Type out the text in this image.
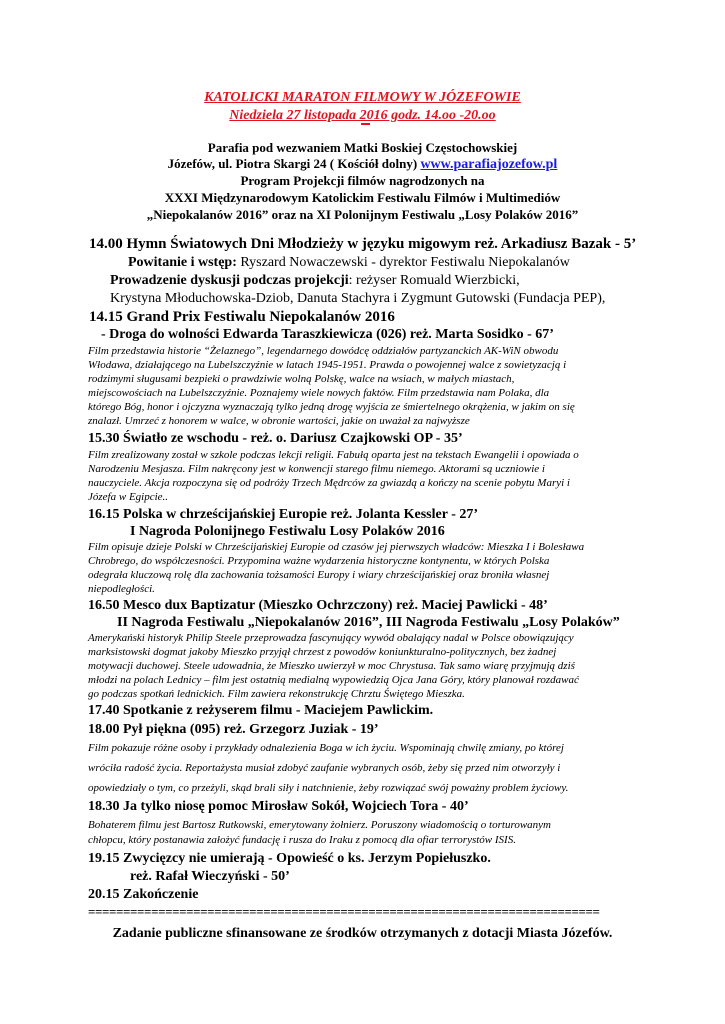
KATOLICKI MARATON FILMOWY W JÓZEFOWIE
Niedziela 27 listopada 2016 godz. 14.oo -20.oo
Parafia pod wezwaniem Matki Boskiej Częstochowskiej
Józefów, ul. Piotra Skargi 24 ( Kościół dolny) www.parafiajozefow.pl
Program Projekcji filmów nagrodzonych na
XXXI Międzynarodowym Katolickim Festiwalu Filmów i Multimediów
„Niepokalanów 2016” oraz na XI Polonijnym Festiwalu „Losy Polaków 2016”
14.00 Hymn Światowych Dni Młodzieży w języku migowym reż. Arkadiusz Bazak - 5’
Powitanie i wstęp: Ryszard Nowaczewski - dyrektor Festiwalu Niepokalanów
Prowadzenie dyskusji podczas projekcji: reżyser Romuald Wierzbicki,
Krystyna Młoduchowska-Dziob, Danuta Stachyra i Zygmunt Gutowski (Fundacja PEP),
14.15 Grand Prix Festiwalu Niepokalanów 2016
- Droga do wolności Edwarda Taraszkiewicza (026) reż. Marta Sosidko - 67’
Film przedstawia historie “Żelaznego”, legendarnego dowódcę oddziałów partyzanckich AK-WiN obwodu
Włodawa, działającego na Lubelszczyźnie w latach 1945-1951. Prawda o powojennej walce z sowietyzacją i
rodzimymi sługusami bezpieki o prawdziwie wolną Polskę, walce na wsiach, w małych miastach,
miejscowościach na Lubelszczyźnie. Poznajemy wiele nowych faktów. Film przedstawia nam Polaka, dla
którego Bóg, honor i ojczyzna wyznaczają tylko jedną drogę wyjścia ze śmiertelnego okrążenia, w jakim on się
znalazł. Umrzeć z honorem w walce, w obronie wartości, jakie on uważał za najwyższe
15.30 Światło ze wschodu - reż. o. Dariusz Czajkowski OP - 35’
Film zrealizowany został w szkole podczas lekcji religii. Fabułą oparta jest na tekstach Ewangelii i opowiada o
Narodzeniu Mesjasza. Film nakręcony jest w konwencji starego filmu niemego. Aktorami są uczniowie i
nauczyciele. Akcja rozpoczyna się od podróży Trzech Mędrców za gwiazdą a kończy na scenie pobytu Maryi i
Józefa w Egipcie..
16.15 Polska w chrześcijańskiej Europie reż. Jolanta Kessler - 27’
I Nagroda Polonijnego Festiwalu Losy Polaków 2016
Film opisuje dzieje Polski w Chrześcijańskiej Europie od czasów jej pierwszych władców: Mieszka I i Bolesława
Chrobrego, do współczesności. Przypomina ważne wydarzenia historyczne kontynentu, w których Polska
odegrała kluczową rolę dla zachowania tożsamości Europy i wiary chrześcijańskiej oraz broniła własnej
niepodległości.
16.50 Mesco dux Baptizatur (Mieszko Ochrzczony) reż. Maciej Pawlicki - 48’
II Nagroda Festiwalu „Niepokalanów 2016”, III Nagroda Festiwalu „Losy Polaków”
Amerykański historyk Philip Steele przeprowadza fascynujący wywód obalający nadal w Polsce obowiązujący
marksistowski dogmat jakoby Mieszko przyjął chrzest z powodów koniunkturalno-politycznych, bez żadnej
motywacji duchowej. Steele udowadnia, że Mieszko uwierzył w moc Chrystusa. Tak samo wiarę przyjmują dziś
młodzi na polach Lednicy – film jest ostatnią medialną wypowiedzią Ojca Jana Góry, który planował rozdawać
go podczas spotkań lednickich. Film zawiera rekonstrukcję Chrztu Świętego Mieszka.
17.40 Spotkanie z reżyserem filmu - Maciejem Pawlickim.
18.00 Pył piękna (095) reż. Grzegorz Juziak - 19’
Film pokazuje różne osoby i przykłady odnalezienia Boga w ich życiu. Wspominają chwilę zmiany, po której
wróciła radość życia. Reportażysta musiał zdobyć zaufanie wybranych osób, żeby się przed nim otworzyły i
opowiedziały o tym, co przeżyli, skąd brali siły i natchnienie, żeby rozwiązać swój poważny problem życiowy.
18.30 Ja tylko niosę pomoc Mirosław Sokół, Wojciech Tora - 40’
Bohaterem filmu jest Bartosz Rutkowski, emerytowany żołnierz. Poruszony wiadomością o torturowanym
chłopcu, który postanawia założyć fundację i rusza do Iraku z pomocą dla ofiar terrorystów ISIS.
19.15 Zwycięzcy nie umierają - Opowieść o ks. Jerzym Popiełuszko.
reż. Rafał Wieczyński - 50’
20.15 Zakończenie
=========================================================================
Zadanie publiczne sfinansowane ze środków otrzymanych z dotacji Miasta Józefów.
